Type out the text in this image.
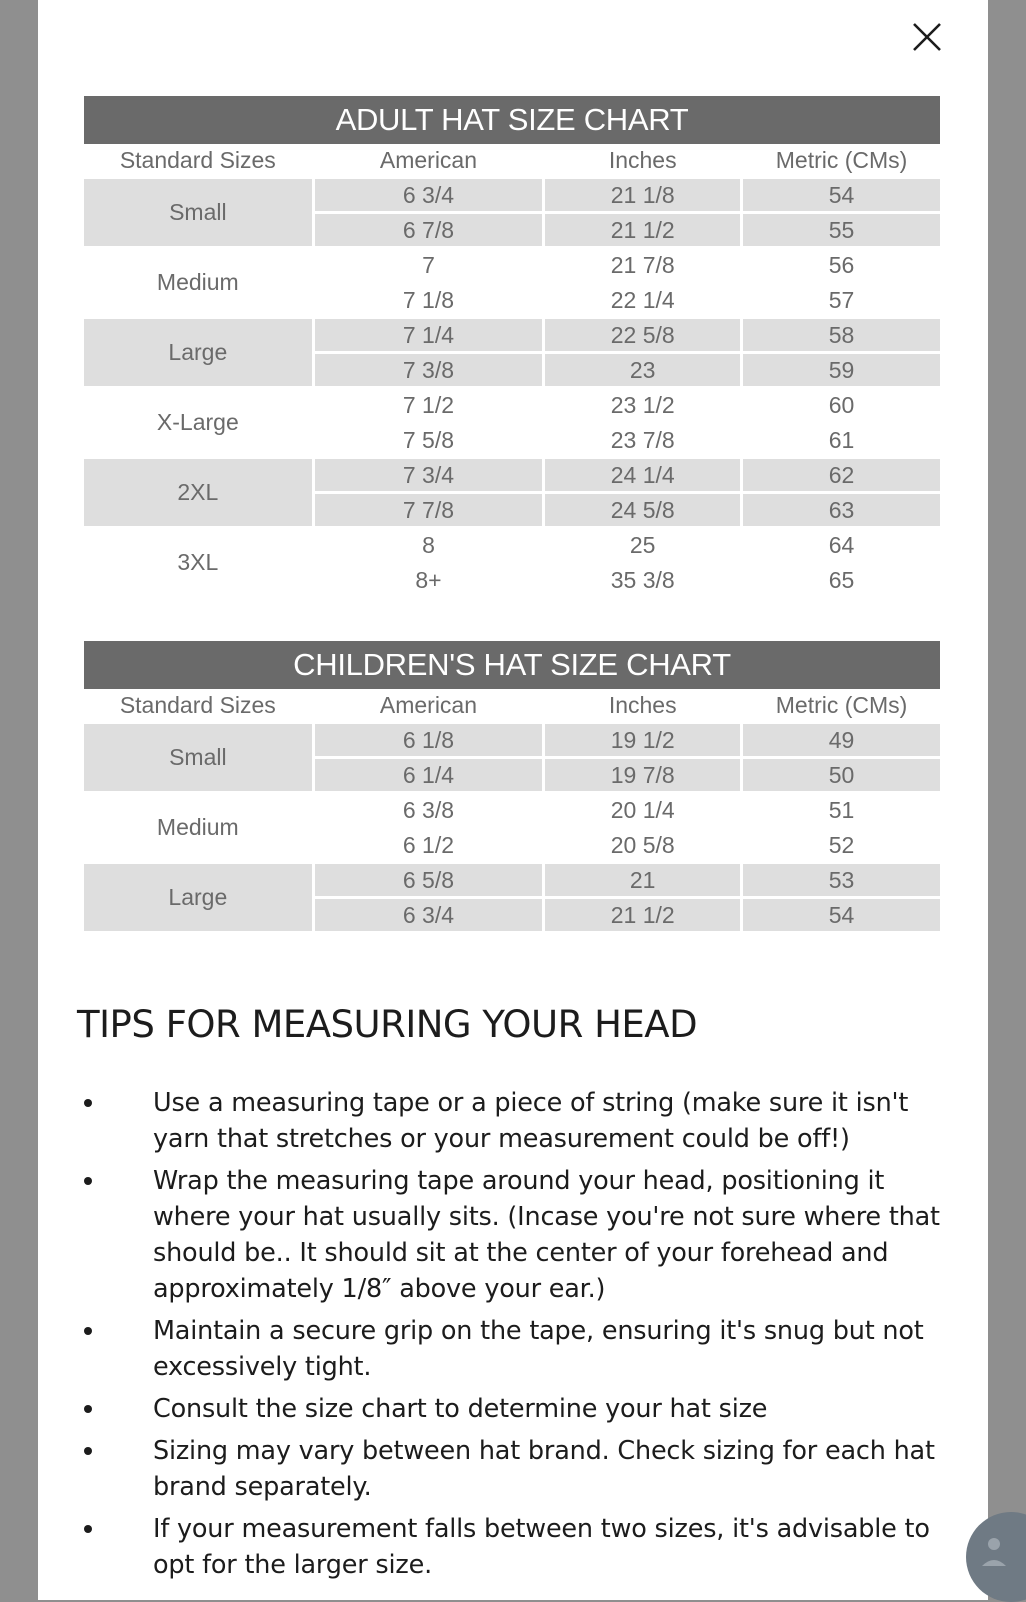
ADULT HAT SIZE CHART
Standard Sizes	American	Inches	Metric (CMs)
Small	6 3/4	21 1/8	54
	6 7/8	21 1/2	55
Medium	7	21 7/8	56
	7 1/8	22 1/4	57
Large	7 1/4	22 5/8	58
	7 3/8	23	59
X-Large	7 1/2	23 1/2	60
	7 5/8	23 7/8	61
2XL	7 3/4	24 1/4	62
	7 7/8	24 5/8	63
3XL	8	25	64
	8+	35 3/8	65
CHILDREN'S HAT SIZE CHART
Standard Sizes	American	Inches	Metric (CMs)
Small	6 1/8	19 1/2	49
	6 1/4	19 7/8	50
Medium	6 3/8	20 1/4	51
	6 1/2	20 5/8	52
Large	6 5/8	21	53
	6 3/4	21 1/2	54
TIPS FOR MEASURING YOUR HEAD
Use a measuring tape or a piece of string (make sure it isn't yarn that stretches or your measurement could be off!)
Wrap the measuring tape around your head, positioning it where your hat usually sits. (Incase you're not sure where that should be.. It should sit at the center of your forehead and approximately 1/8″ above your ear.)
Maintain a secure grip on the tape, ensuring it's snug but not excessively tight.
Consult the size chart to determine your hat size
Sizing may vary between hat brand. Check sizing for each hat brand separately.
If your measurement falls between two sizes, it's advisable to opt for the larger size.
